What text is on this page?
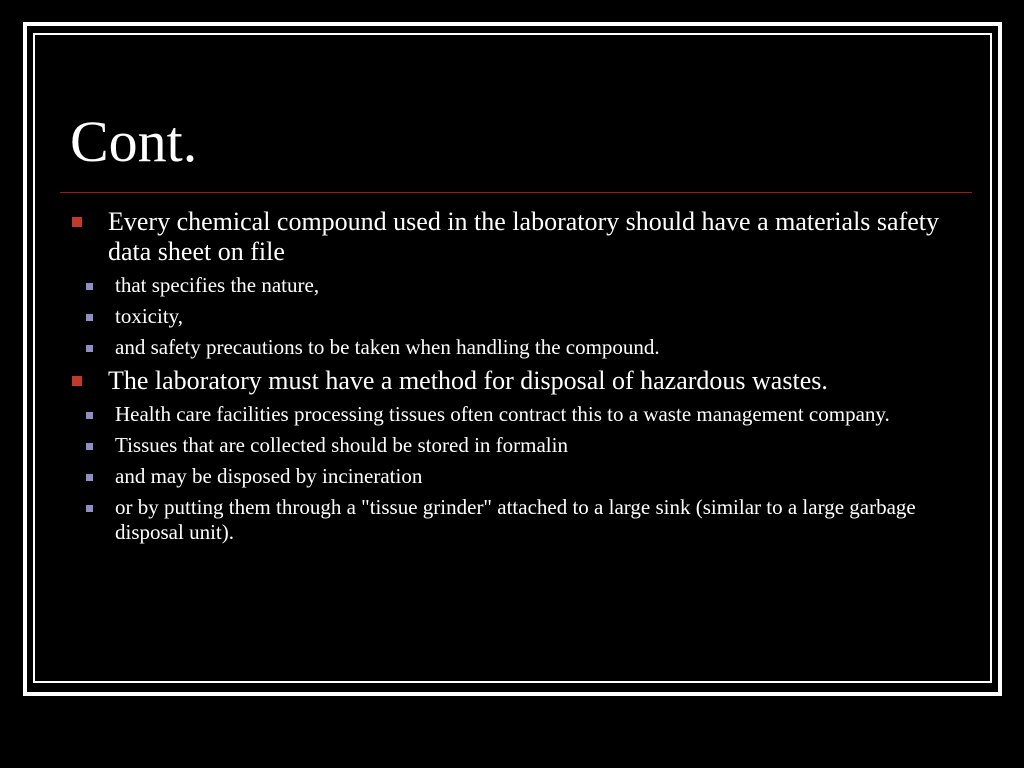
Cont.
Every chemical compound used in the laboratory should have a materials safety data sheet on file
that specifies the nature,
toxicity,
and safety precautions to be taken when handling the compound.
The laboratory must have a method for disposal of hazardous wastes.
Health care facilities processing tissues often contract this to a waste management company.
Tissues that are collected should be stored in formalin
and may be disposed by incineration
or by putting them through a "tissue grinder" attached to a large sink (similar to a large garbage disposal unit).
